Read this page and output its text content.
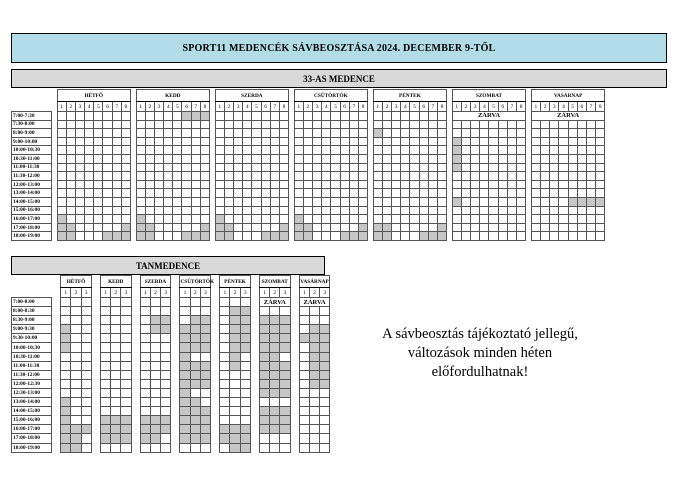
SPORT11 MEDENCÉK SÁVBEOSZTÁSA 2024. DECEMBER 9-TŐL
33-AS MEDENCE
		HÉTFŐ									KEDD									SZERDA									CSÜTÖRTÖK									PÉNTEK									SZOMBAT									VASÁRNAP							
		1	2	3	4	5	6	7	8		1	2	3	4	5	6	7	8		1	2	3	4	5	6	7	8		1	2	3	4	5	6	7	8		1	2	3	4	5	6	7	8		1	2	3	4	5	6	7	8		1	2	3	4	5	6	7	8
7:00-7:30																																															ZÁRVA									ZÁRVA							
7:30-8:00																																																															
8:00-9:00																																																															
9:00-10:00																																																															
10:00-10:30																																																															
10:30-11:00																																																															
11:00-11:30																																																															
11:30-12:00																																																															
12:00-13:00																																																															
13:00-14:00																																																															
14:00-15:00																																																															
15:00-16:00																																																															
16:00-17:00																																																															
17:00-18:00																																																															
18:00-19:00																																																															
TANMEDENCE
		HÉTFŐ				KEDD				SZERDA				CSÜTÖRTÖK				PÉNTEK				SZOMBAT				VASÁRNAP		
		1	2	3		1	2	3		1	2	3		1	2	3		1	2	3		1	2	3		1	2	3
7:00-8:00																						ZÁRVA				ZÁRVA		
8:00-8:30																												
8:30-9:00																												
9:00-9:30																												
9:30-10:00																												
10:00-10:30																												
10:30-11:00																												
11:00-11:30																												
11:30-12:00																												
12:00-12:30																												
12:30-13:00																												
13:00-14:00																												
14:00-15:00																												
15:00-16:00																												
16:00-17:00																												
17:00-18:00																												
18:00-19:00																												
A sávbeosztás tájékoztató jellegű,
változások minden héten
előfordulhatnak!
